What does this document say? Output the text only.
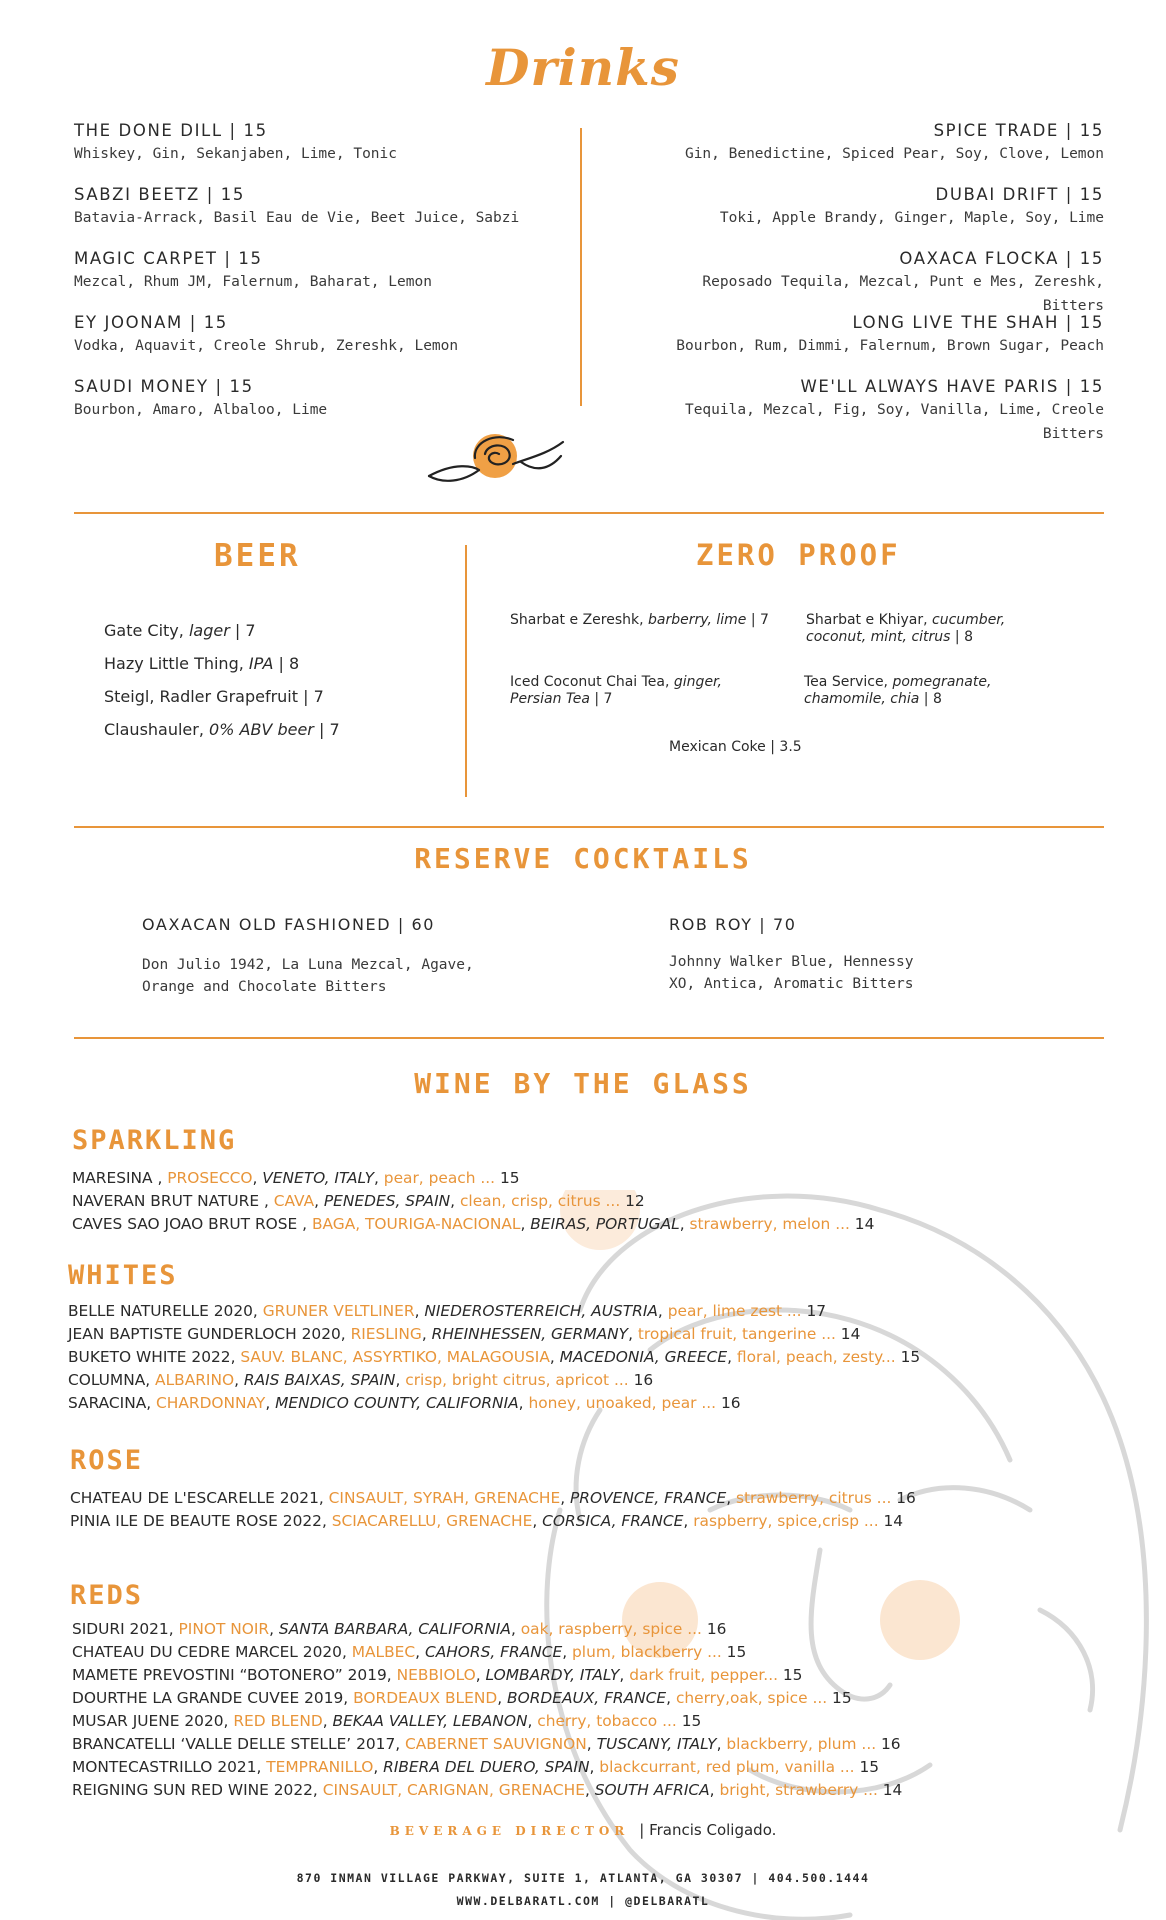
Drinks
THE DONE DILL | 15
Whiskey, Gin, Sekanjaben, Lime, Tonic
SABZI BEETZ | 15
Batavia-Arrack, Basil Eau de Vie, Beet Juice, Sabzi
MAGIC CARPET | 15
Mezcal, Rhum JM, Falernum, Baharat, Lemon
EY JOONAM | 15
Vodka, Aquavit, Creole Shrub, Zereshk, Lemon
SAUDI MONEY | 15
Bourbon, Amaro, Albaloo, Lime
SPICE TRADE | 15
Gin, Benedictine, Spiced Pear, Soy, Clove, Lemon
DUBAI DRIFT | 15
Toki, Apple Brandy, Ginger, Maple, Soy, Lime
OAXACA FLOCKA | 15
Reposado Tequila, Mezcal, Punt e Mes, Zereshk, Bitters
LONG LIVE THE SHAH | 15
Bourbon, Rum, Dimmi, Falernum, Brown Sugar, Peach
WE'LL ALWAYS HAVE PARIS | 15
Tequila, Mezcal, Fig, Soy, Vanilla, Lime, Creole Bitters
BEER	ZERO PROOF
Gate City, lager | 7
Hazy Little Thing, IPA | 8
Steigl, Radler Grapefruit | 7
Claushauler, 0% ABV beer | 7
Sharbat e Zereshk, barberry, lime | 7	Sharbat e Khiyar, cucumber, coconut, mint, citrus | 8
Iced Coconut Chai Tea, ginger, Persian Tea | 7
Tea Service, pomegranate, chamomile, chia | 8
Mexican Coke | 3.5
RESERVE COCKTAILS
OAXACAN OLD FASHIONED | 60
Don Julio 1942, La Luna Mezcal, Agave,
Orange and Chocolate Bitters
ROB ROY | 70
Johnny Walker Blue, Hennessy
XO, Antica, Aromatic Bitters
WINE BY THE GLASS
SPARKLING
MARESINA , PROSECCO, VENETO, ITALY, pear, peach ... 15
NAVERAN BRUT NATURE , CAVA, PENEDES, SPAIN, clean, crisp, citrus ... 12
CAVES SAO JOAO BRUT ROSE , BAGA, TOURIGA-NACIONAL, BEIRAS, PORTUGAL, strawberry, melon ... 14
WHITES
BELLE NATURELLE 2020, GRUNER VELTLINER, NIEDEROSTERREICH, AUSTRIA, pear, lime zest ... 17
JEAN BAPTISTE GUNDERLOCH 2020, RIESLING, RHEINHESSEN, GERMANY, tropical fruit, tangerine ... 14
BUKETO WHITE 2022, SAUV. BLANC, ASSYRTIKO, MALAGOUSIA, MACEDONIA, GREECE, floral, peach, zesty... 15
COLUMNA, ALBARINO, RAIS BAIXAS, SPAIN, crisp, bright citrus, apricot ... 16
SARACINA, CHARDONNAY, MENDICO COUNTY, CALIFORNIA, honey, unoaked, pear ... 16
ROSE
CHATEAU DE L'ESCARELLE 2021, CINSAULT, SYRAH, GRENACHE, PROVENCE, FRANCE, strawberry, citrus ... 16
PINIA ILE DE BEAUTE ROSE 2022, SCIACARELLU, GRENACHE, CORSICA, FRANCE, raspberry, spice,crisp ... 14
REDS
SIDURI 2021, PINOT NOIR, SANTA BARBARA, CALIFORNIA, oak, raspberry, spice ... 16
CHATEAU DU CEDRE MARCEL 2020, MALBEC, CAHORS, FRANCE, plum, blackberry ... 15
MAMETE PREVOSTINI “BOTONERO” 2019, NEBBIOLO, LOMBARDY, ITALY, dark fruit, pepper... 15
DOURTHE LA GRANDE CUVEE 2019, BORDEAUX BLEND, BORDEAUX, FRANCE, cherry,oak, spice ... 15
MUSAR JUENE 2020, RED BLEND, BEKAA VALLEY, LEBANON, cherry, tobacco ... 15
BRANCATELLI ‘VALLE DELLE STELLE’ 2017, CABERNET SAUVIGNON, TUSCANY, ITALY, blackberry, plum ... 16
MONTECASTRILLO 2021, TEMPRANILLO, RIBERA DEL DUERO, SPAIN, blackcurrant, red plum, vanilla ... 15
REIGNING SUN RED WINE 2022, CINSAULT, CARIGNAN, GRENACHE, SOUTH AFRICA, bright, strawberry ... 14
BEVERAGE DIRECTOR | Francis Coligado.
870 INMAN VILLAGE PARKWAY, SUITE 1, ATLANTA, GA 30307 | 404.500.1444
WWW.DELBARATL.COM | @DELBARATL
